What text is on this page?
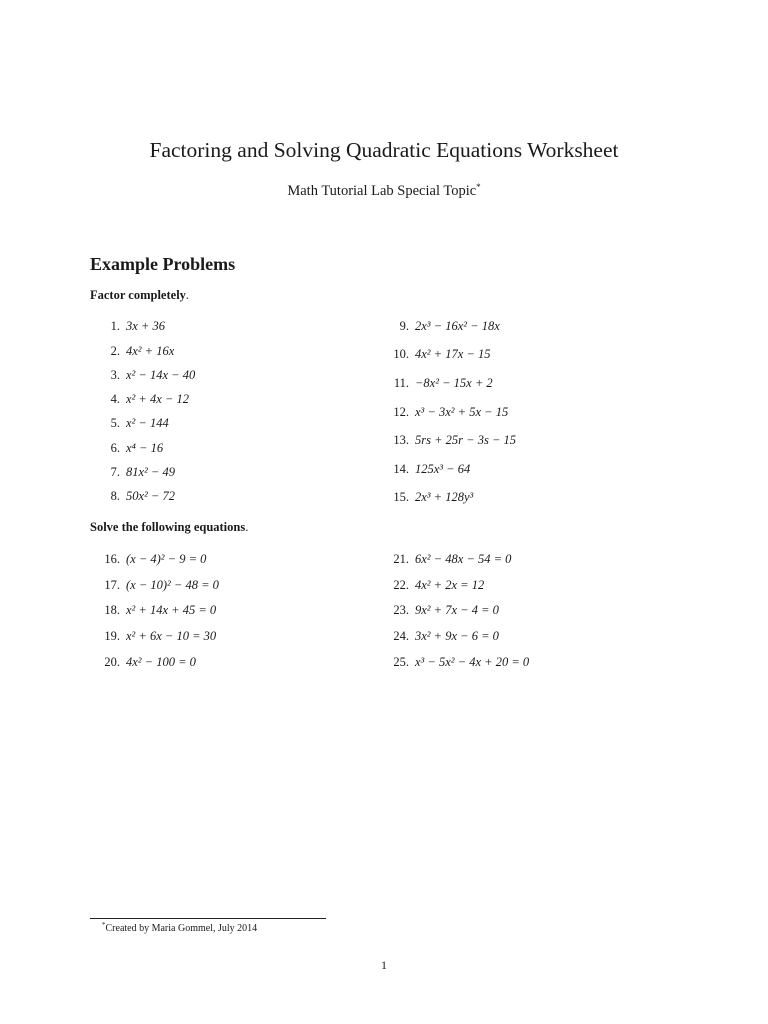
Factoring and Solving Quadratic Equations Worksheet
Math Tutorial Lab Special Topic*
Example Problems
Factor completely.
1. 3x + 36
2. 4x² + 16x
3. x² − 14x − 40
4. x² + 4x − 12
5. x² − 144
6. x⁴ − 16
7. 81x² − 49
8. 50x² − 72
9. 2x³ − 16x² − 18x
10. 4x² + 17x − 15
11. −8x² − 15x + 2
12. x³ − 3x² + 5x − 15
13. 5rs + 25r − 3s − 15
14. 125x³ − 64
15. 2x³ + 128y³
Solve the following equations.
16. (x − 4)² − 9 = 0
17. (x − 10)² − 48 = 0
18. x² + 14x + 45 = 0
19. x² + 6x − 10 = 30
20. 4x² − 100 = 0
21. 6x² − 48x − 54 = 0
22. 4x² + 2x = 12
23. 9x² + 7x − 4 = 0
24. 3x² + 9x − 6 = 0
25. x³ − 5x² − 4x + 20 = 0
*Created by Maria Gommel, July 2014
1
